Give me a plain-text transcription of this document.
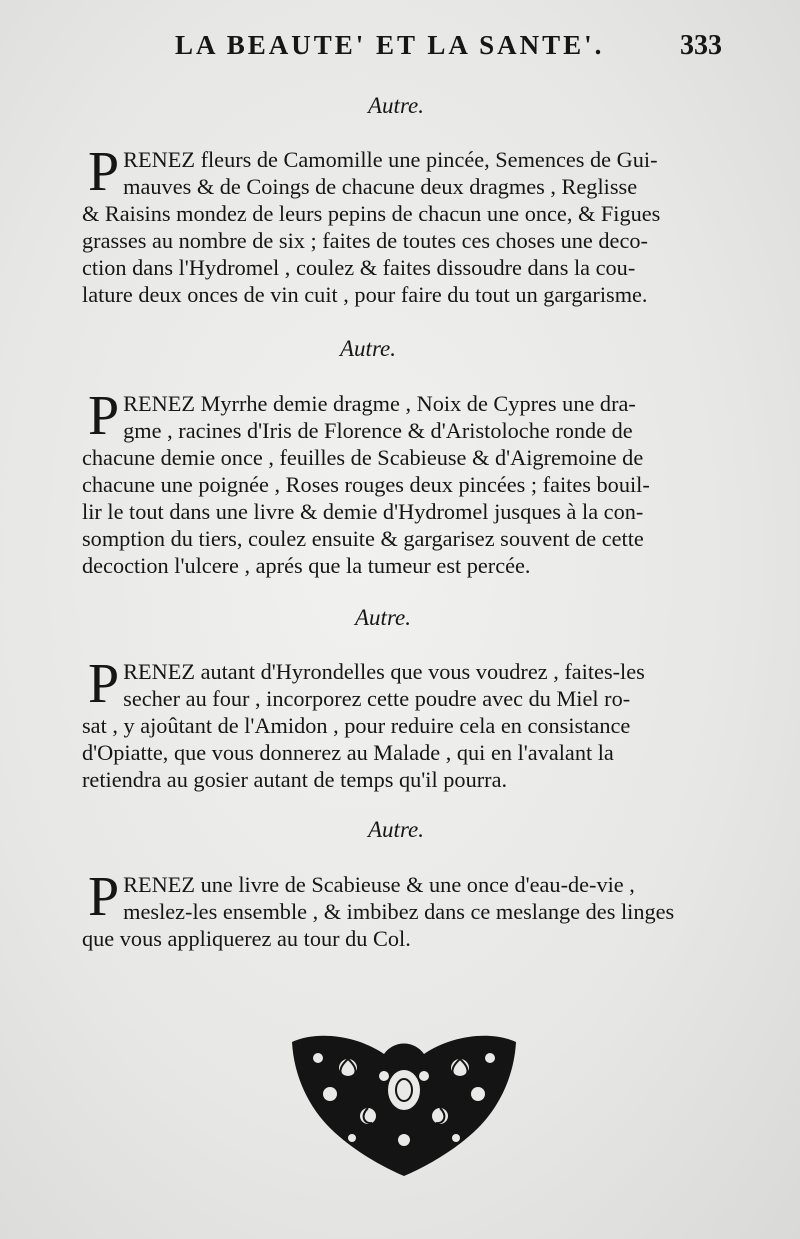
LA BEAUTE' ET LA SANTE'.	333
Autre.
P RENEZ fleurs de Camomille une pincée, Semences de Gui-
mauves & de Coings de chacune deux dragmes , Reglisse
& Raisins mondez de leurs pepins de chacun une once, & Figues
grasses au nombre de six ; faites de toutes ces choses une deco-
ction dans l'Hydromel , coulez & faites dissoudre dans la cou-
lature deux onces de vin cuit , pour faire du tout un gargarisme.
Autre.
P RENEZ Myrrhe demie dragme , Noix de Cypres une dra-
gme , racines d'Iris de Florence & d'Aristoloche ronde de
chacune demie once , feuilles de Scabieuse & d'Aigremoine de
chacune une poignée , Roses rouges deux pincées ; faites bouil-
lir le tout dans une livre & demie d'Hydromel jusques à la con-
somption du tiers, coulez ensuite & gargarisez souvent de cette
decoction l'ulcere , aprés que la tumeur est percée.
Autre.
P RENEZ autant d'Hyrondelles que vous voudrez , faites-les
secher au four , incorporez cette poudre avec du Miel ro-
sat , y ajoûtant de l'Amidon , pour reduire cela en consistance
d'Opiatte, que vous donnerez au Malade , qui en l'avalant la
retiendra au gosier autant de temps qu'il pourra.
Autre.
P RENEZ une livre de Scabieuse & une once d'eau-de-vie ,
meslez-les ensemble , & imbibez dans ce meslange des linges
que vous appliquerez au tour du Col.
